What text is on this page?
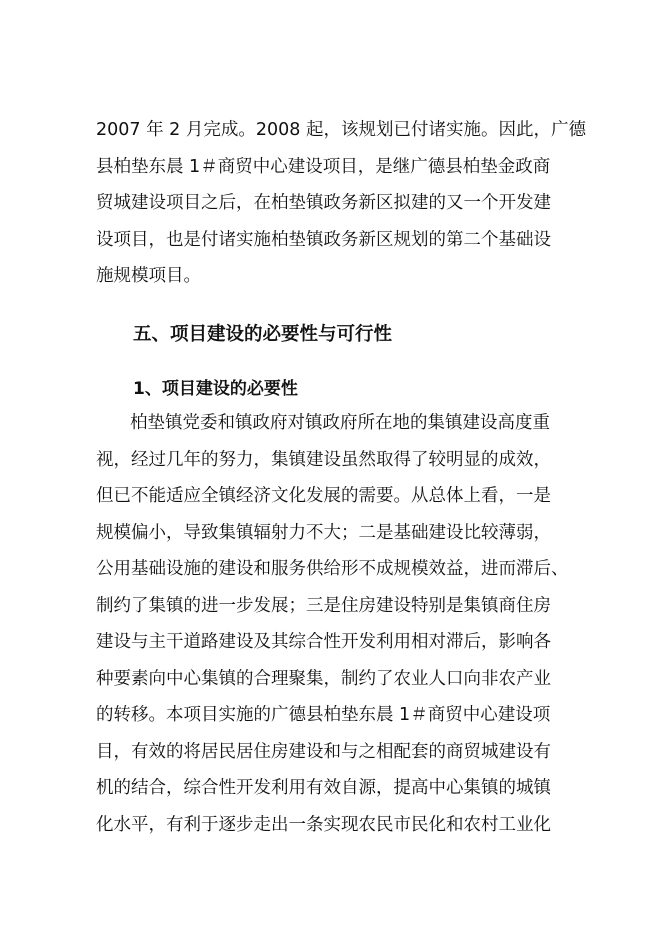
2007 年 2 月完成。2008 起，该规划已付诸实施。因此，广德
县柏垫东晨 1＃商贸中心建设项目，是继广德县柏垫金政商
贸城建设项目之后，在柏垫镇政务新区拟建的又一个开发建
设项目，也是付诸实施柏垫镇政务新区规划的第二个基础设
施规模项目。
五、项目建设的必要性与可行性
1、项目建设的必要性
柏垫镇党委和镇政府对镇政府所在地的集镇建设高度重
视，经过几年的努力，集镇建设虽然取得了较明显的成效，
但已不能适应全镇经济文化发展的需要。从总体上看，一是
规模偏小，导致集镇辐射力不大；二是基础建设比较薄弱，
公用基础设施的建设和服务供给形不成规模效益，进而滞后、
制约了集镇的进一步发展；三是住房建设特别是集镇商住房
建设与主干道路建设及其综合性开发利用相对滞后，影响各
种要素向中心集镇的合理聚集，制约了农业人口向非农产业
的转移。本项目实施的广德县柏垫东晨 1＃商贸中心建设项
目，有效的将居民居住房建设和与之相配套的商贸城建设有
机的结合，综合性开发利用有效自源，提高中心集镇的城镇
化水平，有利于逐步走出一条实现农民市民化和农村工业化
